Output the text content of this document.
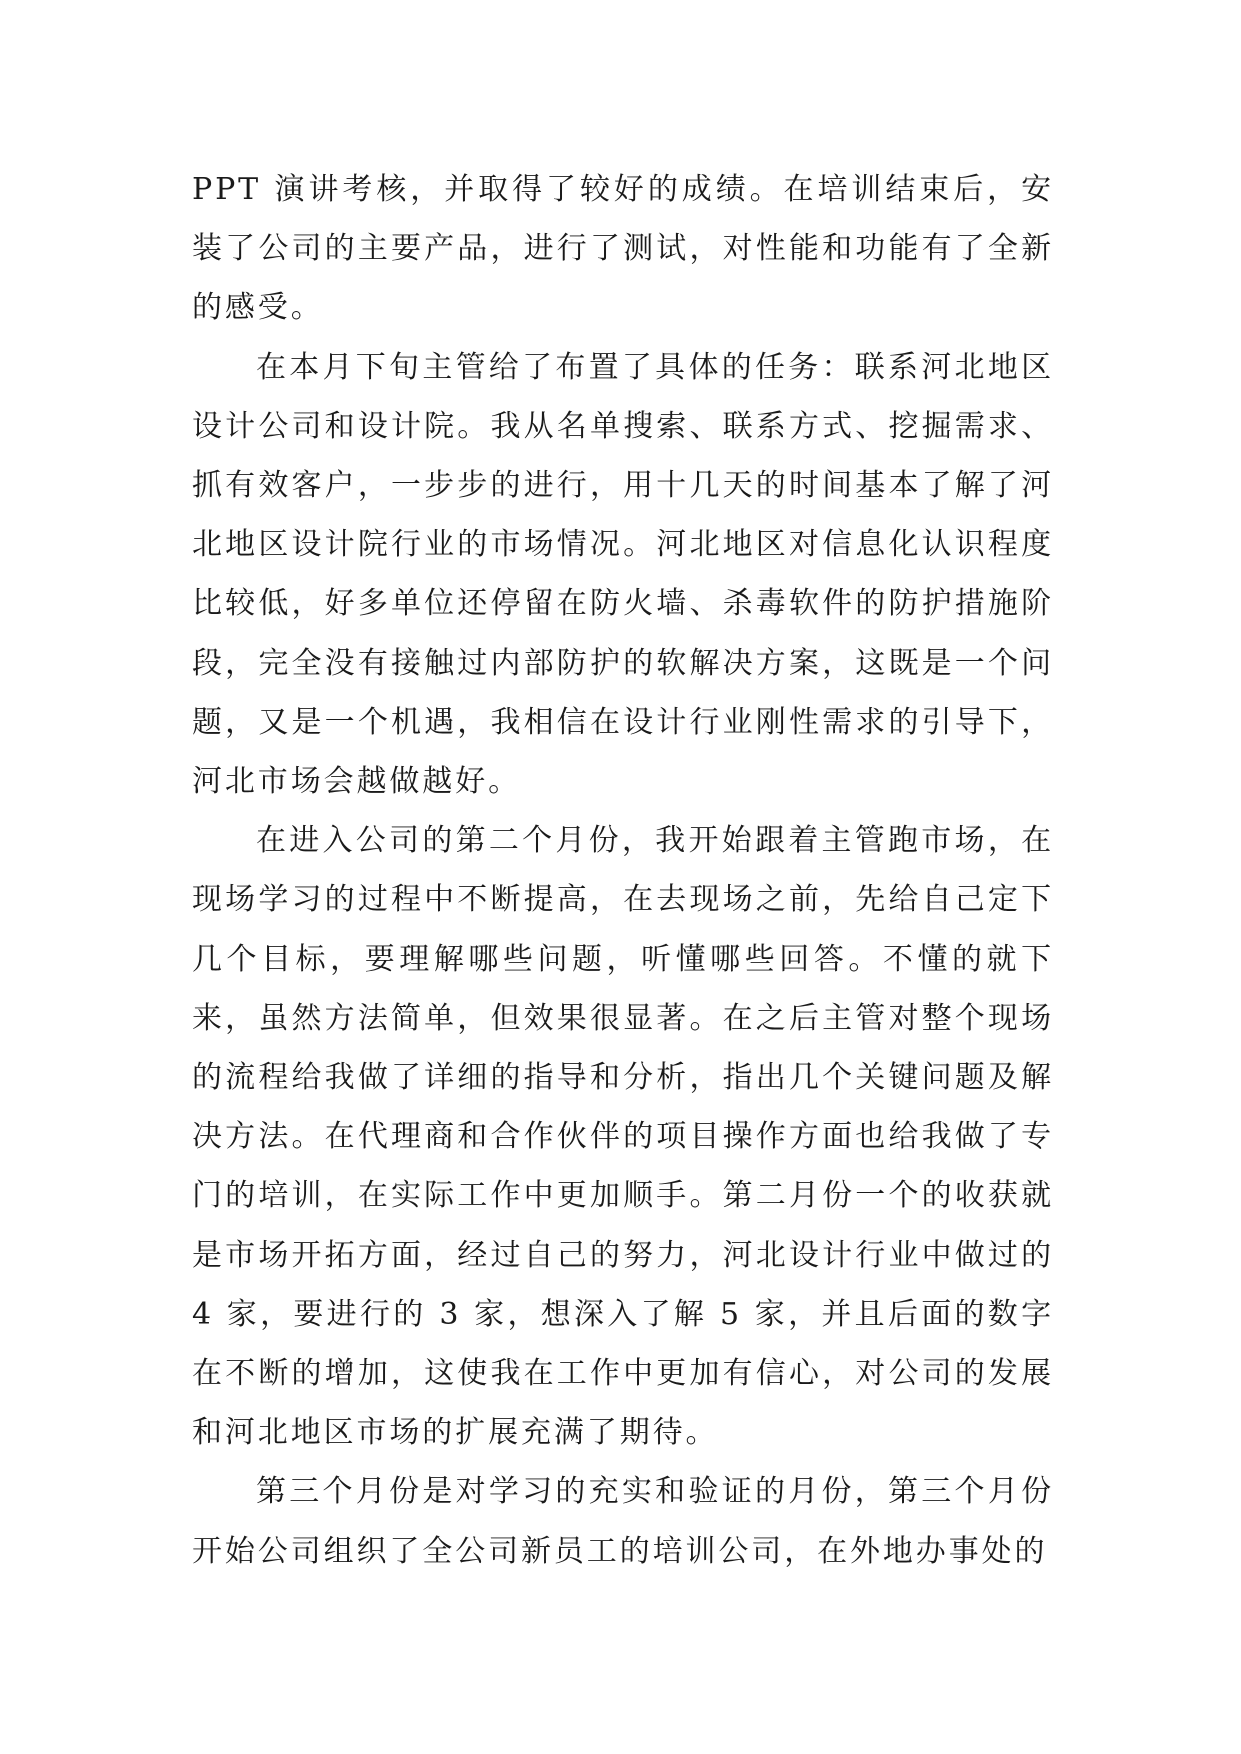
PPT 演讲考核，并取得了较好的成绩。在培训结束后，安装了公司的主要产品，进行了测试，对性能和功能有了全新的感受。

在本月下旬主管给了布置了具体的任务：联系河北地区设计公司和设计院。我从名单搜索、联系方式、挖掘需求、抓有效客户，一步步的进行，用十几天的时间基本了解了河北地区设计院行业的市场情况。河北地区对信息化认识程度比较低，好多单位还停留在防火墙、杀毒软件的防护措施阶段，完全没有接触过内部防护的软解决方案，这既是一个问题，又是一个机遇，我相信在设计行业刚性需求的引导下，河北市场会越做越好。

在进入公司的第二个月份，我开始跟着主管跑市场，在现场学习的过程中不断提高，在去现场之前，先给自己定下几个目标，要理解哪些问题，听懂哪些回答。不懂的就下来，虽然方法简单，但效果很显著。在之后主管对整个现场的流程给我做了详细的指导和分析，指出几个关键问题及解决方法。在代理商和合作伙伴的项目操作方面也给我做了专门的培训，在实际工作中更加顺手。第二月份一个的收获就是市场开拓方面，经过自己的努力，河北设计行业中做过的 4 家，要进行的 3 家，想深入了解 5 家，并且后面的数字在不断的增加，这使我在工作中更加有信心，对公司的发展和河北地区市场的扩展充满了期待。

第三个月份是对学习的充实和验证的月份，第三个月份开始公司组织了全公司新员工的培训公司，在外地办事处的
